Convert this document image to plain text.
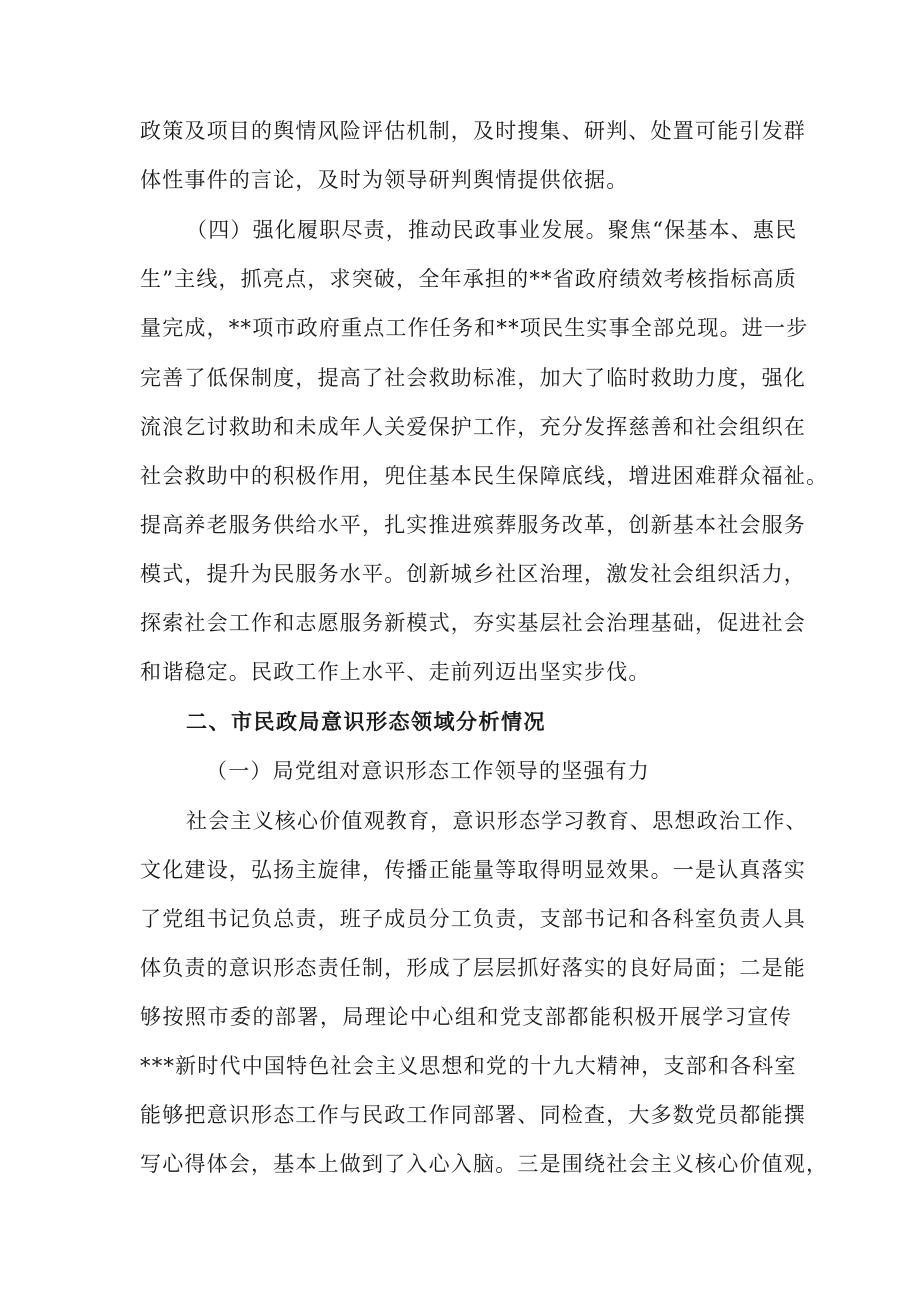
政策及项目的舆情风险评估机制，及时搜集、研判、处置可能引发群
体性事件的言论，及时为领导研判舆情提供依据。
（四）强化履职尽责，推动民政事业发展。聚焦“保基本、惠民
生”主线，抓亮点，求突破，全年承担的**省政府绩效考核指标高质
量完成，**项市政府重点工作任务和**项民生实事全部兑现。进一步
完善了低保制度，提高了社会救助标准，加大了临时救助力度，强化
流浪乞讨救助和未成年人关爱保护工作，充分发挥慈善和社会组织在
社会救助中的积极作用，兜住基本民生保障底线，增进困难群众福祉。
提高养老服务供给水平，扎实推进殡葬服务改革，创新基本社会服务
模式，提升为民服务水平。创新城乡社区治理，激发社会组织活力，
探索社会工作和志愿服务新模式，夯实基层社会治理基础，促进社会
和谐稳定。民政工作上水平、走前列迈出坚实步伐。
二、市民政局意识形态领域分析情况
（一）局党组对意识形态工作领导的坚强有力
社会主义核心价值观教育，意识形态学习教育、思想政治工作、
文化建设，弘扬主旋律，传播正能量等取得明显效果。一是认真落实
了党组书记负总责，班子成员分工负责，支部书记和各科室负责人具
体负责的意识形态责任制，形成了层层抓好落实的良好局面；二是能
够按照市委的部署，局理论中心组和党支部都能积极开展学习宣传
***新时代中国特色社会主义思想和党的十九大精神，支部和各科室
能够把意识形态工作与民政工作同部署、同检查，大多数党员都能撰
写心得体会，基本上做到了入心入脑。三是围绕社会主义核心价值观，
